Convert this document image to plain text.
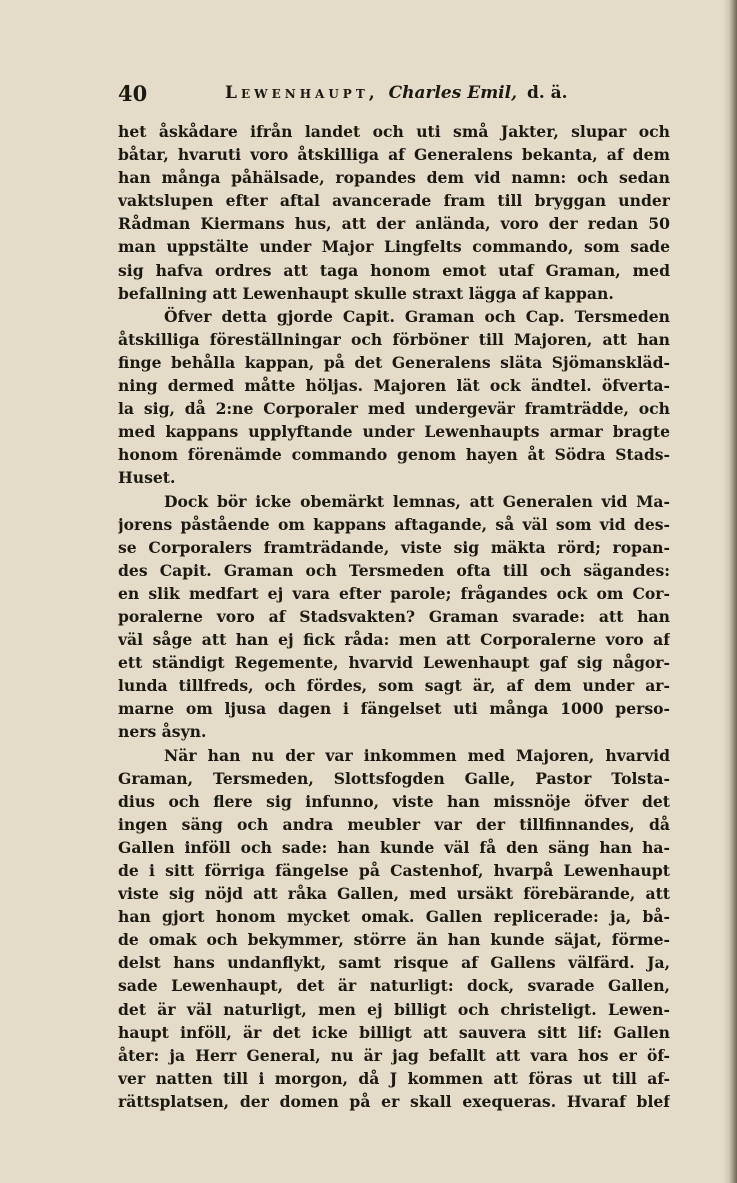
40	Lewenhaupt, Charles Emil, d. ä.
het åskådare ifrån landet och uti små Jakter, slupar och
båtar, hvaruti voro åtskilliga af Generalens bekanta, af dem
han många påhälsade, ropandes dem vid namn: och sedan
vaktslupen efter aftal avancerade fram till bryggan under
Rådman Kiermans hus, att der anlända, voro der redan 50
man uppstälte under Major Lingfelts commando, som sade
sig hafva ordres att taga honom emot utaf Graman, med
befallning att Lewenhaupt skulle straxt lägga af kappan.
Öfver detta gjorde Capit. Graman och Cap. Tersmeden
åtskilliga föreställningar och förböner till Majoren, att han
finge behålla kappan, på det Generalens släta Sjömanskläd-
ning dermed måtte höljas. Majoren lät ock ändtel. öfverta-
la sig, då 2:ne Corporaler med undergevär framträdde, och
med kappans upplyftande under Lewenhaupts armar bragte
honom förenämde commando genom hayen åt Södra Stads-
Huset.
Dock bör icke obemärkt lemnas, att Generalen vid Ma-
jorens påstående om kappans aftagande, så väl som vid des-
se Corporalers framträdande, viste sig mäkta rörd; ropan-
des Capit. Graman och Tersmeden ofta till och sägandes:
en slik medfart ej vara efter parole; frågandes ock om Cor-
poralerne voro af Stadsvakten? Graman svarade: att han
väl såge att han ej fick råda: men att Corporalerne voro af
ett ständigt Regemente, hvarvid Lewenhaupt gaf sig någor-
lunda tillfreds, och fördes, som sagt är, af dem under ar-
marne om ljusa dagen i fängelset uti många 1000 perso-
ners åsyn.
När han nu der var inkommen med Majoren, hvarvid
Graman, Tersmeden, Slottsfogden Galle, Pastor Tolsta-
dius och flere sig infunno, viste han missnöje öfver det
ingen säng och andra meubler var der tillfinnandes, då
Gallen inföll och sade: han kunde väl få den säng han ha-
de i sitt förriga fängelse på Castenhof, hvarpå Lewenhaupt
viste sig nöjd att råka Gallen, med ursäkt förebärande, att
han gjort honom mycket omak. Gallen replicerade: ja, bå-
de omak och bekymmer, större än han kunde säjat, förme-
delst hans undanflykt, samt risque af Gallens välfärd. Ja,
sade Lewenhaupt, det är naturligt: dock, svarade Gallen,
det är väl naturligt, men ej billigt och christeligt. Lewen-
haupt inföll, är det icke billigt att sauvera sitt lif: Gallen
åter: ja Herr General, nu är jag befallt att vara hos er öf-
ver natten till i morgon, då J kommen att föras ut till af-
rättsplatsen, der domen på er skall exequeras. Hvaraf blef
